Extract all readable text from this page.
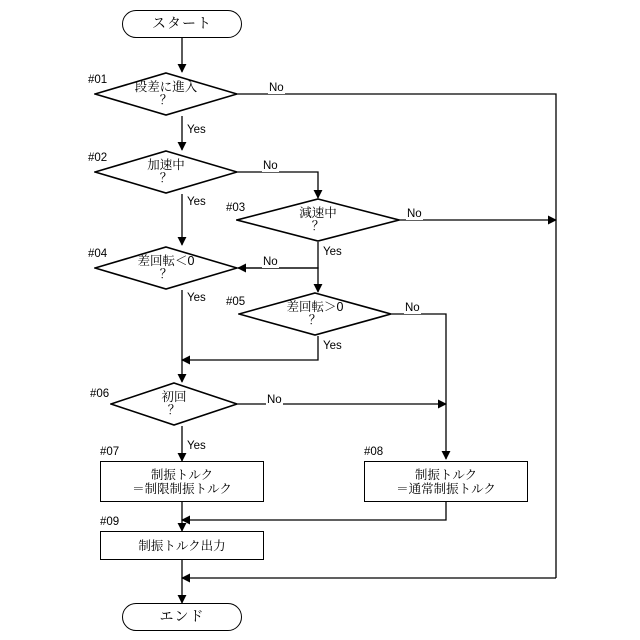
スタート
段差に進入
？
#01
No
Yes
加速中
？
#02
No
Yes
減速中
？
#03	No
Yes
差回転＜0
？
#04
No
Yes
差回転＞0
？
#05	No
Yes
初回
？
#06	No
Yes
制振トルク
＝制限制振トルク
#07
制振トルク
＝通常制振トルク
#08
制振トルク出力
#09
エンド
